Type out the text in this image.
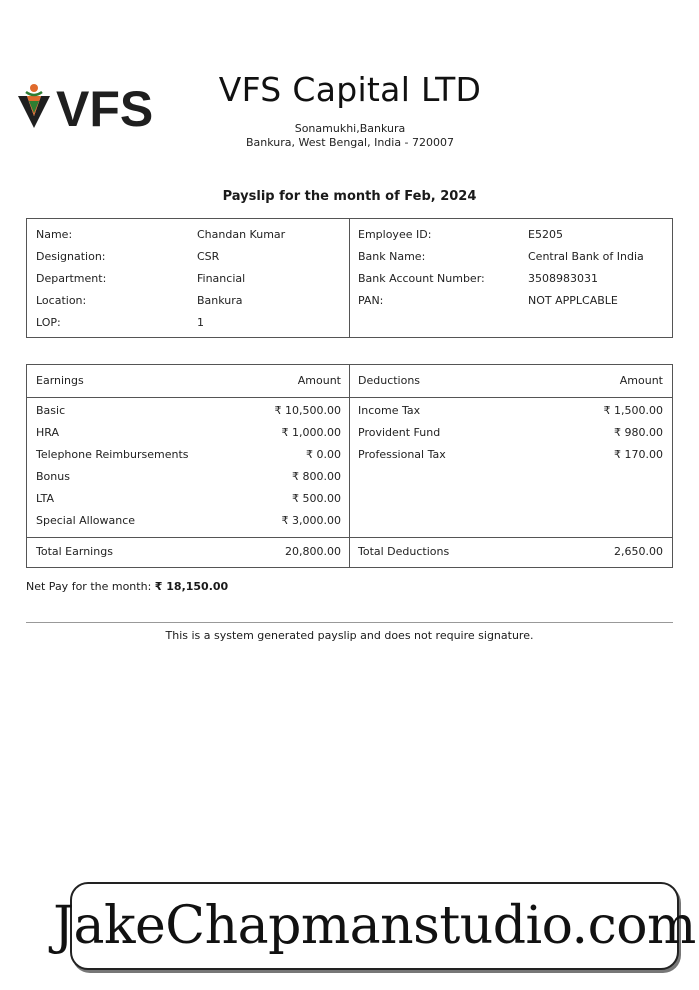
VFS	VFS Capital LTD
Sonamukhi,Bankura
Bankura, West Bengal, India - 720007
Payslip for the month of Feb, 2024
Name:	Chandan Kumar
Designation:	CSR
Department:	Financial
Location:	Bankura
LOP:	1
Employee ID:	E5205
Bank Name:	Central Bank of India
Bank Account Number:	3508983031
PAN:	NOT APPLCABLE
Earnings	Amount Deductions	Amount
Basic	₹ 10,500.00
HRA	₹ 1,000.00
Telephone Reimbursements	₹ 0.00
Bonus	₹ 800.00
LTA	₹ 500.00
Special Allowance	₹ 3,000.00
Income Tax	₹ 1,500.00
Provident Fund	₹ 980.00
Professional Tax	₹ 170.00
Total Earnings	20,800.00 Total Deductions	2,650.00
Net Pay for the month: ₹ 18,150.00
This is a system generated payslip and does not require signature.
JakeChapmanstudio.com
